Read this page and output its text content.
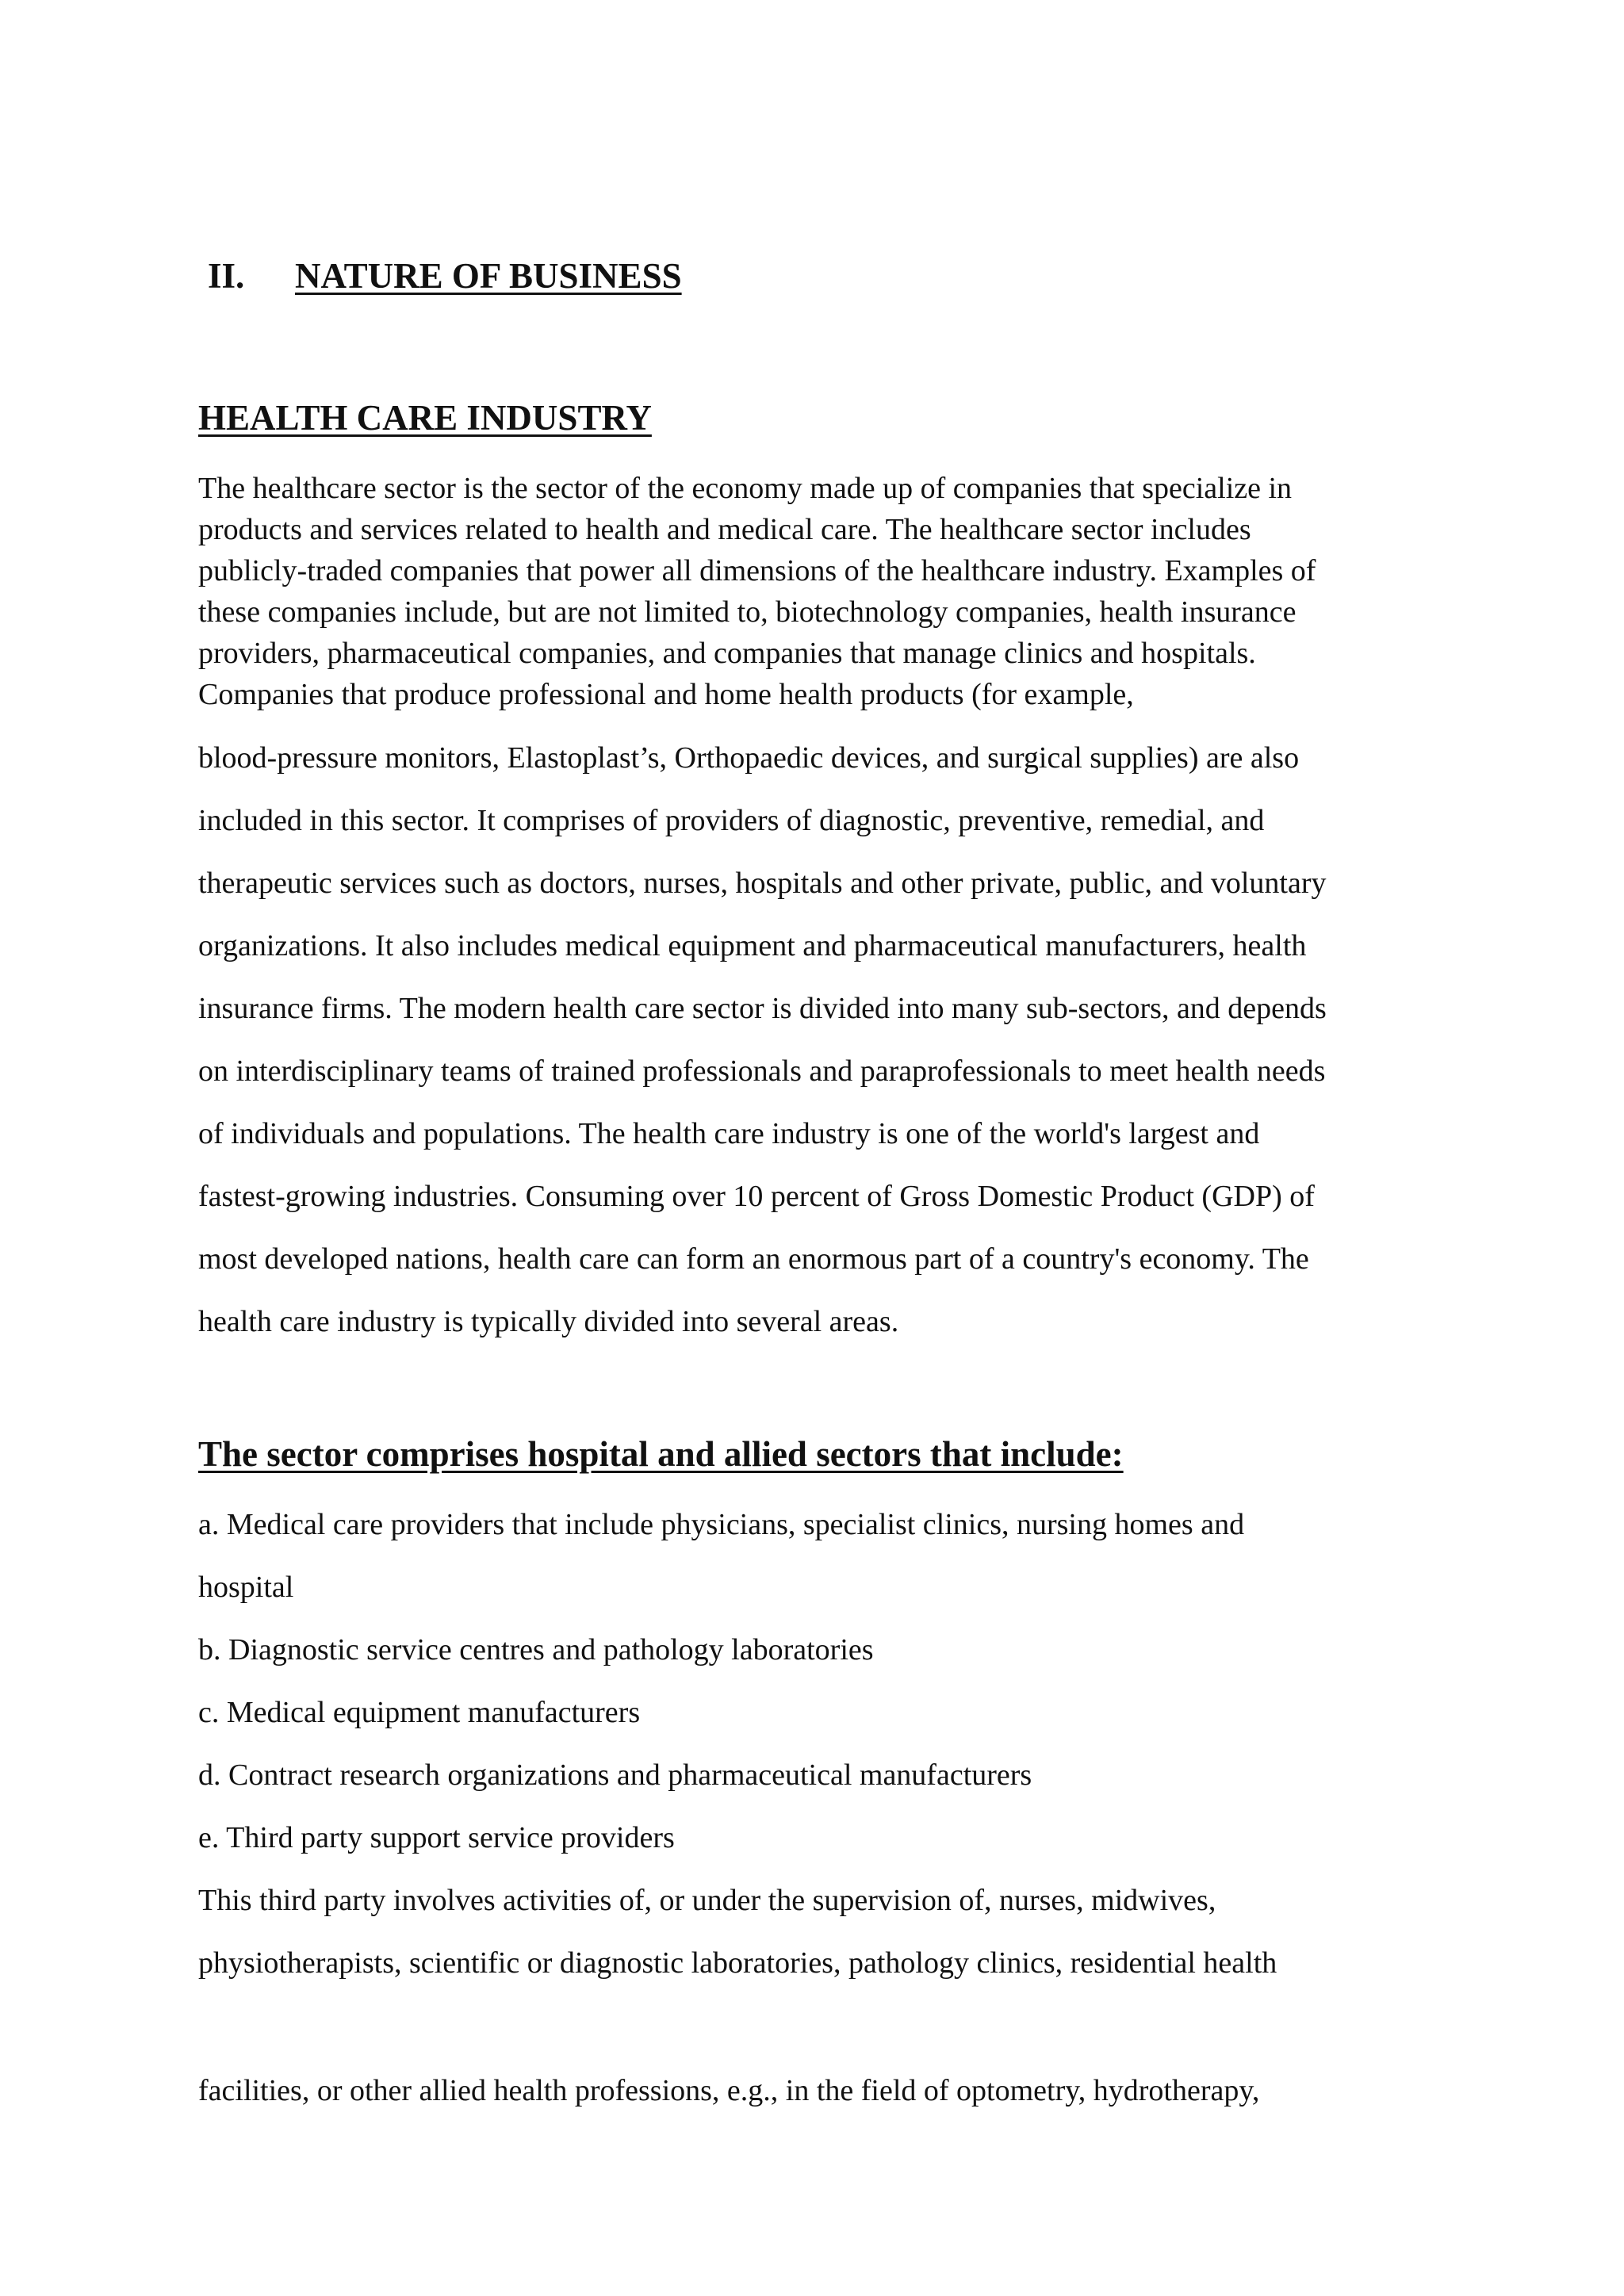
II. NATURE OF BUSINESS
HEALTH CARE INDUSTRY
The healthcare sector is the sector of the economy made up of companies that specialize in
products and services related to health and medical care. The healthcare sector includes
publicly-traded companies that power all dimensions of the healthcare industry. Examples of
these companies include, but are not limited to, biotechnology companies, health insurance
providers, pharmaceutical companies, and companies that manage clinics and hospitals.
Companies that produce professional and home health products (for example,
blood-pressure monitors, Elastoplast’s, Orthopaedic devices, and surgical supplies) are also
included in this sector. It comprises of providers of diagnostic, preventive, remedial, and
therapeutic services such as doctors, nurses, hospitals and other private, public, and voluntary
organizations. It also includes medical equipment and pharmaceutical manufacturers, health
insurance firms. The modern health care sector is divided into many sub-sectors, and depends
on interdisciplinary teams of trained professionals and paraprofessionals to meet health needs
of individuals and populations. The health care industry is one of the world's largest and
fastest-growing industries. Consuming over 10 percent of Gross Domestic Product (GDP) of
most developed nations, health care can form an enormous part of a country's economy. The
health care industry is typically divided into several areas.
The sector comprises hospital and allied sectors that include:
a. Medical care providers that include physicians, specialist clinics, nursing homes and
hospital
b. Diagnostic service centres and pathology laboratories
c. Medical equipment manufacturers
d. Contract research organizations and pharmaceutical manufacturers
e. Third party support service providers
This third party involves activities of, or under the supervision of, nurses, midwives,
physiotherapists, scientific or diagnostic laboratories, pathology clinics, residential health
facilities, or other allied health professions, e.g., in the field of optometry, hydrotherapy,
